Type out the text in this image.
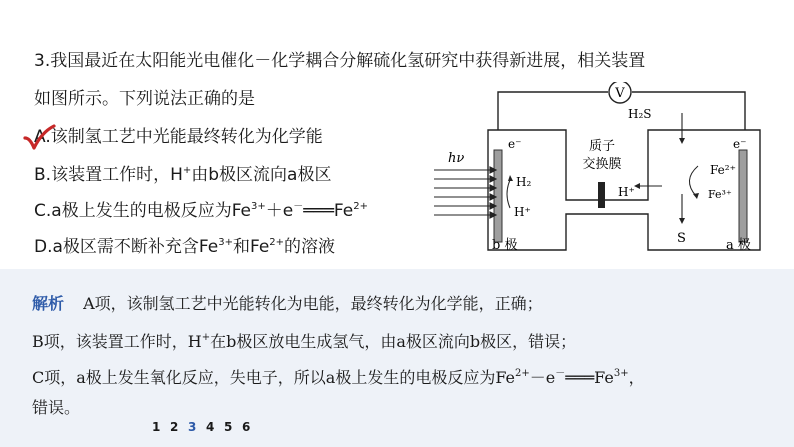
3.我国最近在太阳能光电催化－化学耦合分解硫化氢研究中获得新进展，相关装置
如图所示。下列说法正确的是
A.该制氢工艺中光能最终转化为化学能
B.该装置工作时，H+由b极区流向a极区
C.a极上发生的电极反应为$Fe^{3+}+e^-═══Fe^{2+}$
D.a极区需不断补充含$Fe^{3+}$和$Fe^{2+}$的溶液
V
质子
交换膜
hν
e⁻	e⁻
H₂S
H₂
H⁺
H⁺
Fe²⁺
Fe³⁺
S
b 极	a 极
解析 A项，该制氢工艺中光能转化为电能，最终转化为化学能，正确；
B项，该装置工作时，H+在b极区放电生成氢气，由a极区流向b极区，错误；
C项，a极上发生氧化反应，失电子，所以a极上发生的电极反应为$Fe^{2+}-e^-═══Fe^{3+}$，
错误。
1 2 3 4 5 6
